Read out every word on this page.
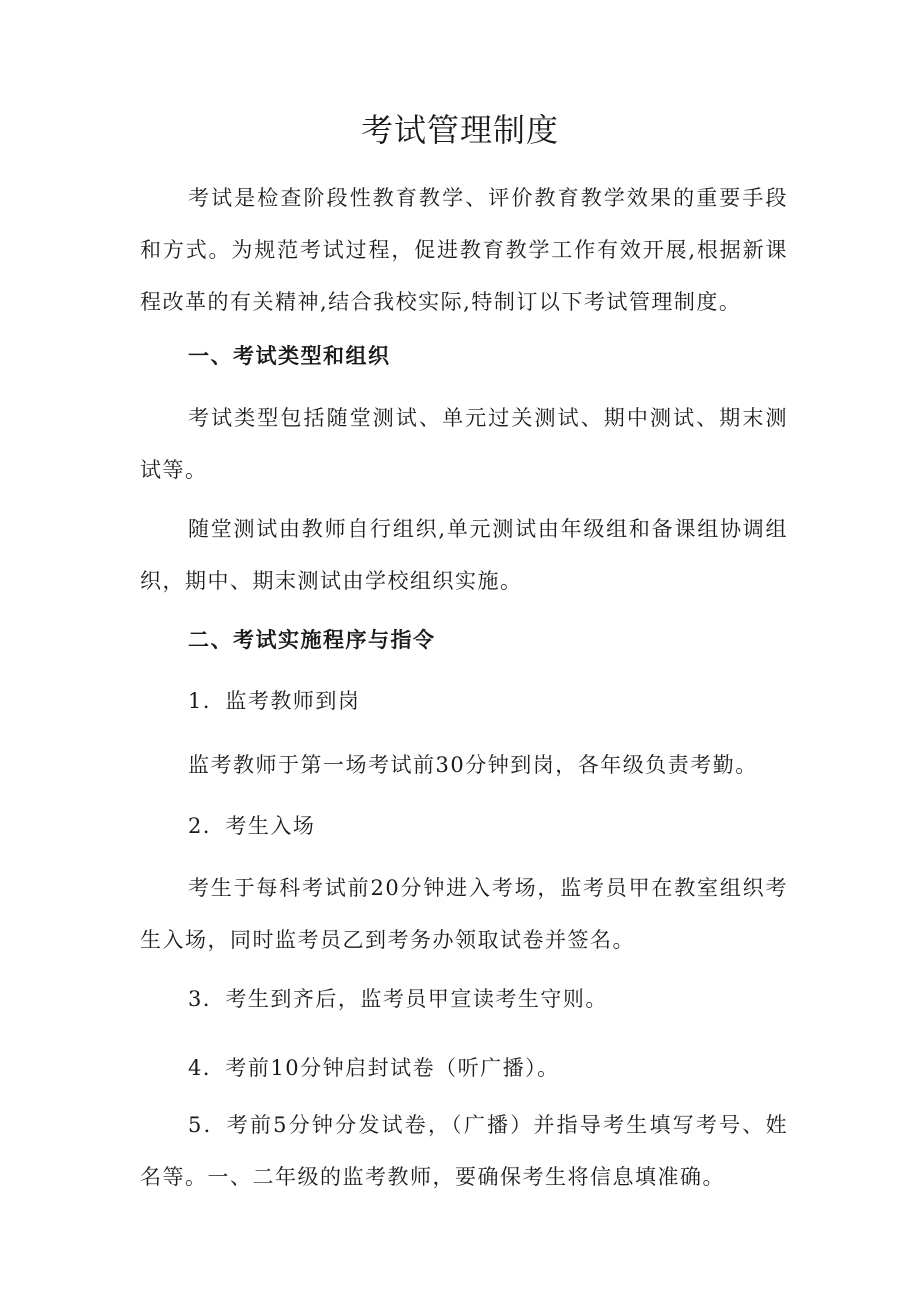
考试管理制度

考试是检查阶段性教育教学、评价教育教学效果的重要手段和方式。为规范考试过程，促进教育教学工作有效开展,根据新课程改革的有关精神,结合我校实际,特制订以下考试管理制度。

一、考试类型和组织

考试类型包括随堂测试、单元过关测试、期中测试、期末测试等。

随堂测试由教师自行组织,单元测试由年级组和备课组协调组织，期中、期末测试由学校组织实施。

二、考试实施程序与指令

1．监考教师到岗

监考教师于第一场考试前30分钟到岗，各年级负责考勤。

2．考生入场

考生于每科考试前20分钟进入考场，监考员甲在教室组织考生入场，同时监考员乙到考务办领取试卷并签名。

3．考生到齐后，监考员甲宣读考生守则。

4．考前10分钟启封试卷（听广播）。

5．考前5分钟分发试卷，（广播）并指导考生填写考号、姓名等。一、二年级的监考教师，要确保考生将信息填准确。
